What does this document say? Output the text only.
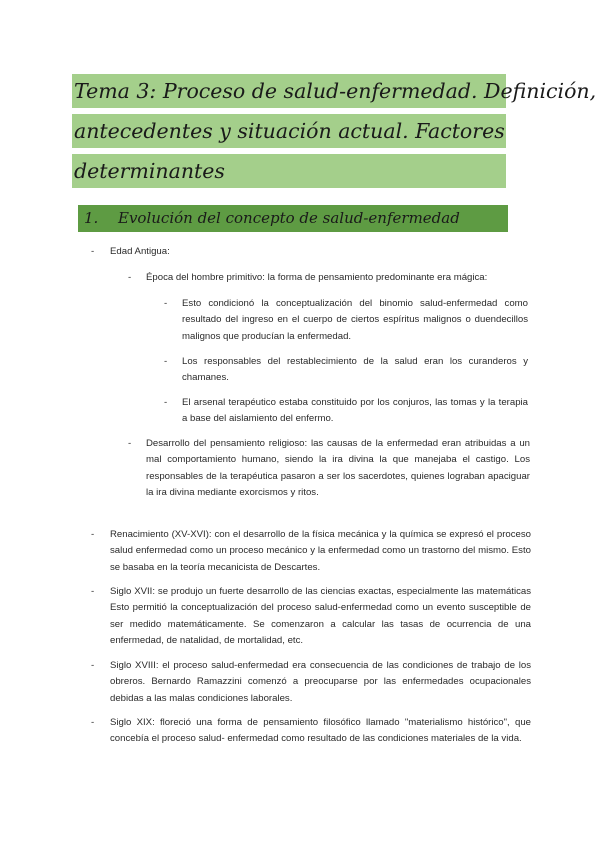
Tema 3: Proceso de salud-enfermedad. Definición,
antecedentes y situación actual. Factores
determinantes
1. Evolución del concepto de salud-enfermedad
- Edad Antigua:
- Época del hombre primitivo: la forma de pensamiento predominante era mágica:
- Esto condicionó la conceptualización del binomio salud-enfermedad como resultado del ingreso en el cuerpo de ciertos espíritus malignos o duendecillos malignos que producían la enfermedad.
- Los responsables del restablecimiento de la salud eran los curanderos y chamanes.
- El arsenal terapéutico estaba constituido por los conjuros, las tomas y la terapia a base del aislamiento del enfermo.
- Desarrollo del pensamiento religioso: las causas de la enfermedad eran atribuidas a un mal comportamiento humano, siendo la ira divina la que manejaba el castigo. Los responsables de la terapéutica pasaron a ser los sacerdotes, quienes lograban apaciguar la ira divina mediante exorcismos y ritos.
- Renacimiento (XV-XVI): con el desarrollo de la física mecánica y la química se expresó el proceso salud enfermedad como un proceso mecánico y la enfermedad como un trastorno del mismo. Esto se basaba en la teoría mecanicista de Descartes.
- Siglo XVII: se produjo un fuerte desarrollo de las ciencias exactas, especialmente las matemáticas Esto permitió la conceptualización del proceso salud-enfermedad como un evento susceptible de ser medido matemáticamente. Se comenzaron a calcular las tasas de ocurrencia de una enfermedad, de natalidad, de mortalidad, etc.
- Siglo XVIII: el proceso salud-enfermedad era consecuencia de las condiciones de trabajo de los obreros. Bernardo Ramazzini comenzó a preocuparse por las enfermedades ocupacionales debidas a las malas condiciones laborales.
- Siglo XIX: floreció una forma de pensamiento filosófico llamado "materialismo histórico", que concebía el proceso salud- enfermedad como resultado de las condiciones materiales de la vida.
